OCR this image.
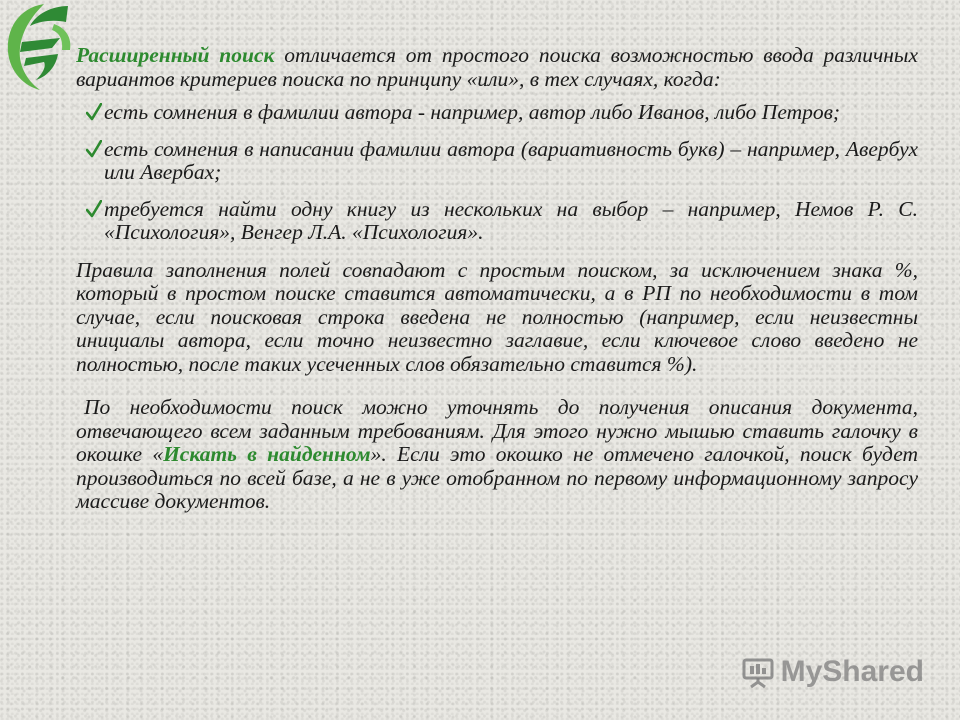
Расширенный поиск отличается от простого поиска возможностью ввода различных вариантов критериев поиска по принципу «или», в тех случаях, когда:

есть сомнения в фамилии автора - например, автор либо Иванов, либо Петров;
есть сомнения в написании фамилии автора (вариативность букв) – например, Авербух или Авербах;
требуется найти одну книгу из нескольких на выбор – например, Немов Р. С. «Психология», Венгер Л.А. «Психология».

Правила заполнения полей совпадают с простым поиском, за исключением знака %, который в простом поиске ставится автоматически, а в РП по необходимости в том случае, если поисковая строка введена не полностью (например, если неизвестны инициалы автора, если точно неизвестно заглавие, если ключевое слово введено не полностью, после таких усеченных слов обязательно ставится %).

По необходимости поиск можно уточнять до получения описания документа, отвечающего всем заданным требованиям. Для этого нужно мышью ставить галочку в окошке «Искать в найденном». Если это окошко не отмечено галочкой, поиск будет производиться по всей базе, а не в уже отобранном по первому информационному запросу массиве документов.

MyShared
